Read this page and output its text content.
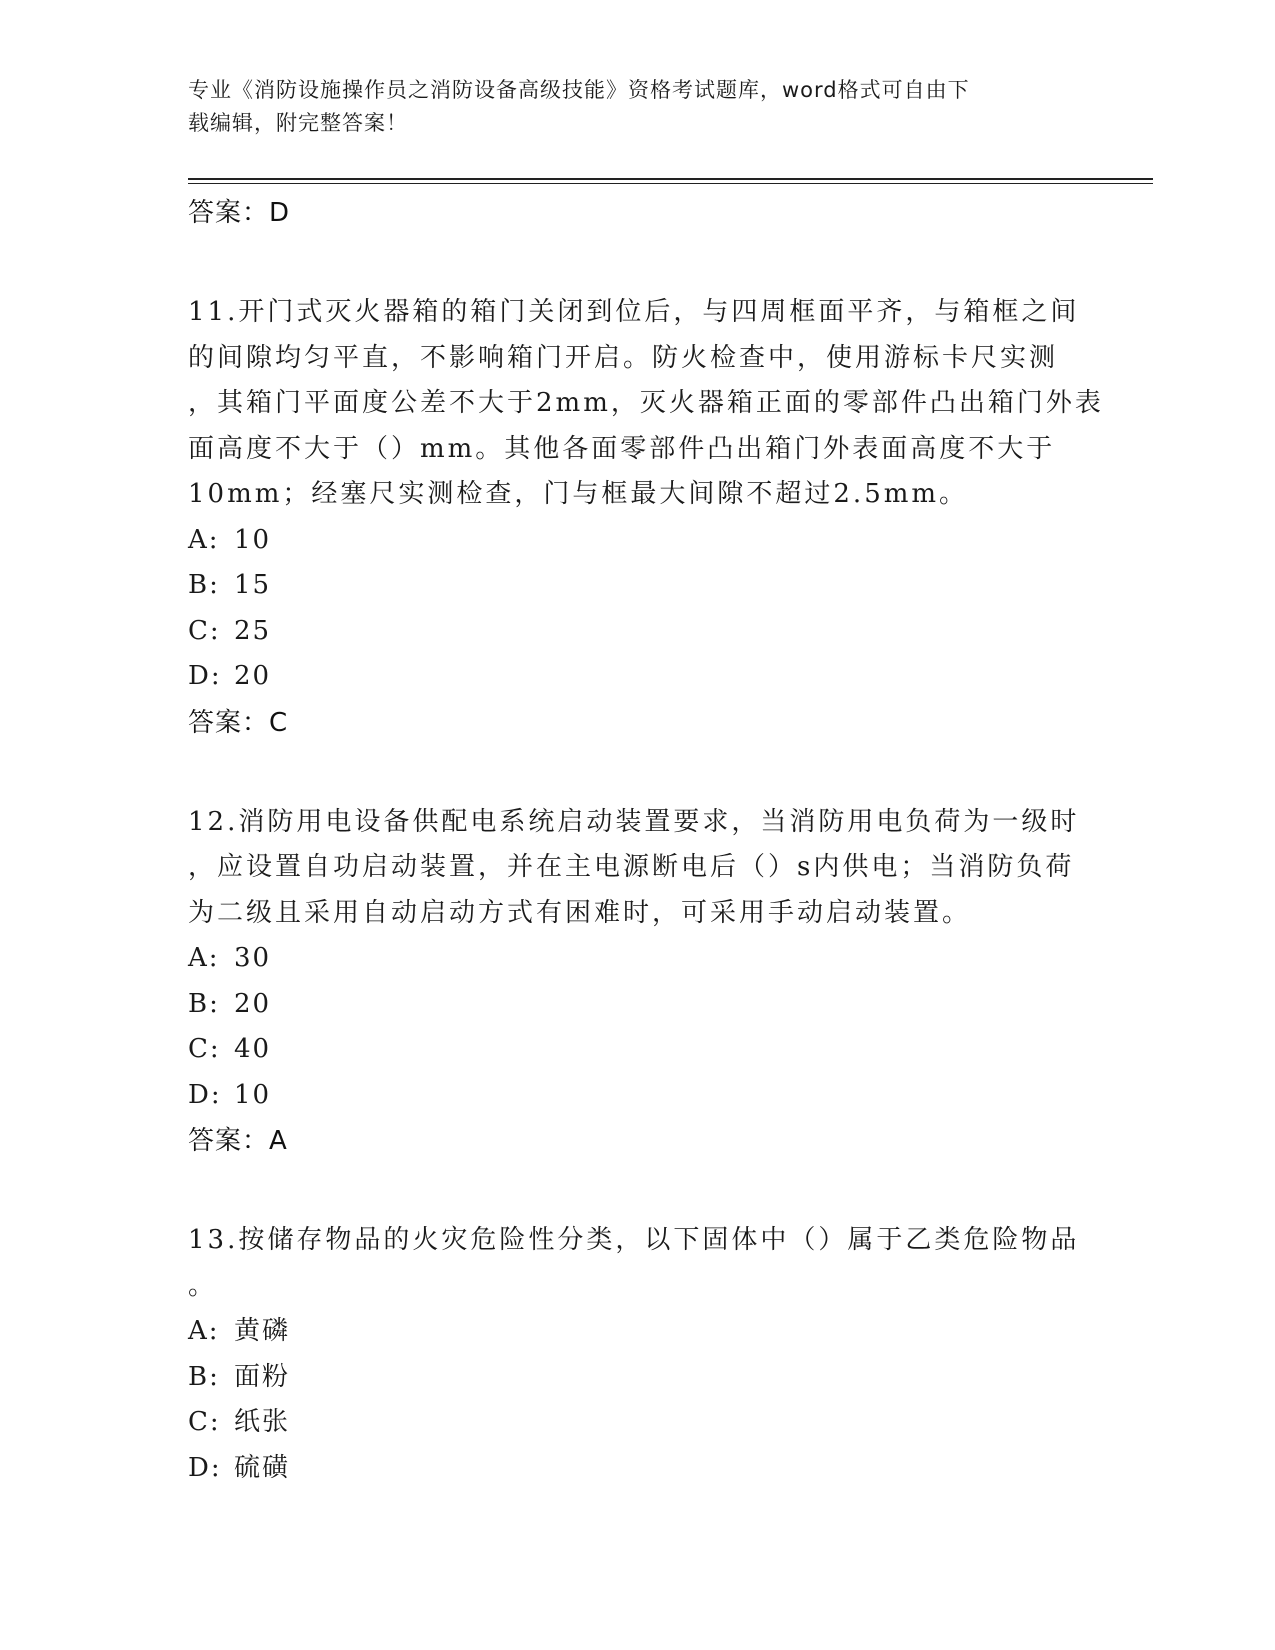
专业《消防设施操作员之消防设备高级技能》资格考试题库，word格式可自由下
载编辑，附完整答案！
答案：D
11.开门式灭火器箱的箱门关闭到位后，与四周框面平齐，与箱框之间
的间隙均匀平直，不影响箱门开启。防火检查中，使用游标卡尺实测
，其箱门平面度公差不大于2mm，灭火器箱正面的零部件凸出箱门外表
面高度不大于（）mm。其他各面零部件凸出箱门外表面高度不大于
10mm；经塞尺实测检查，门与框最大间隙不超过2.5mm。
A: 10
B: 15
C: 25
D: 20
答案：C
12.消防用电设备供配电系统启动装置要求，当消防用电负荷为一级时
，应设置自功启动装置，并在主电源断电后（）s内供电；当消防负荷
为二级且采用自动启动方式有困难时，可采用手动启动装置。
A: 30
B: 20
C: 40
D: 10
答案：A
13.按储存物品的火灾危险性分类，以下固体中（）属于乙类危险物品
。
A: 黄磷
B: 面粉
C: 纸张
D: 硫磺
